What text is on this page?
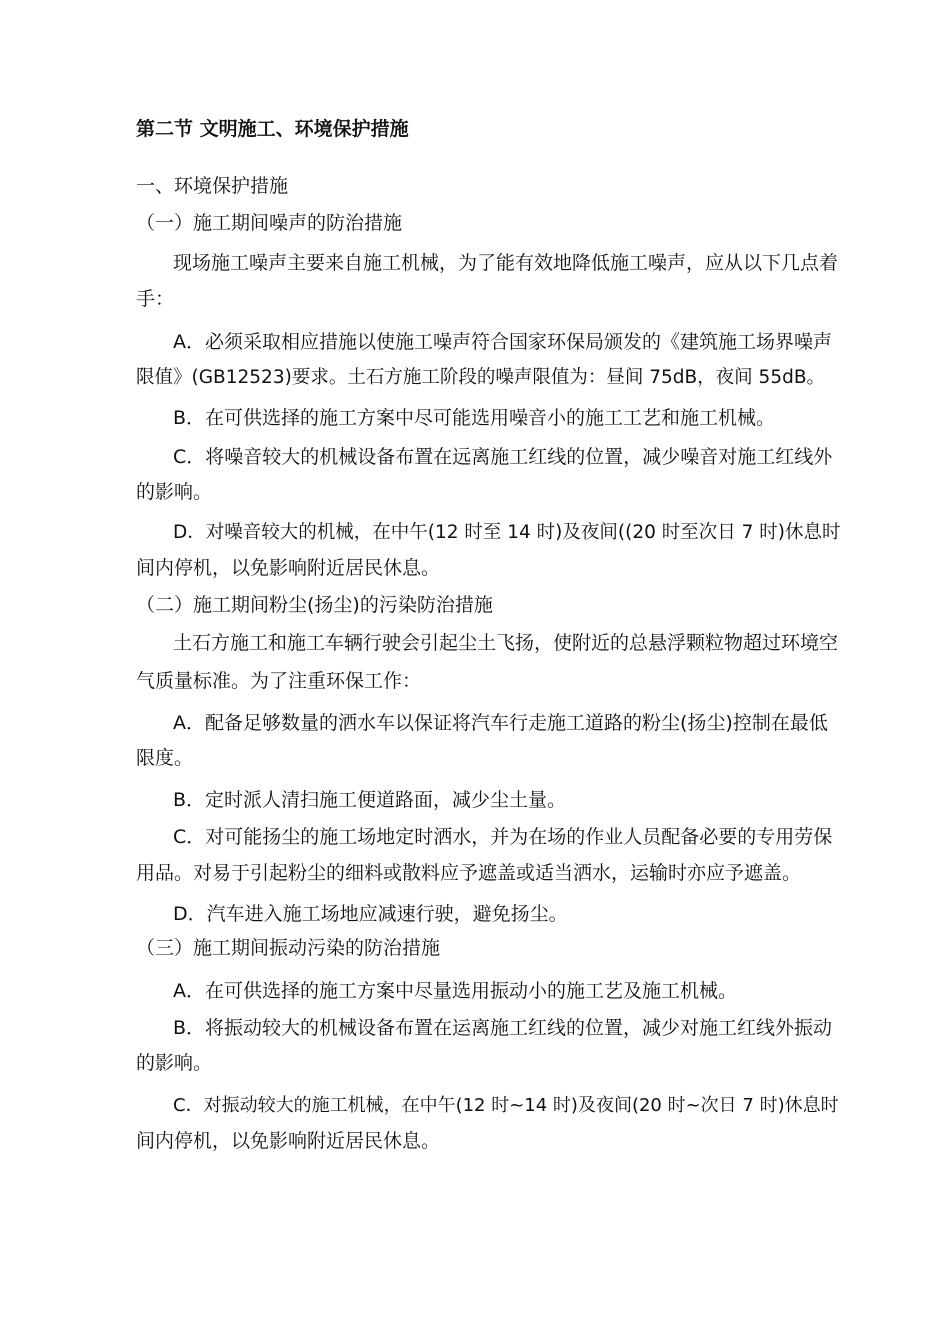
第二节 文明施工、环境保护措施
一、环境保护措施
（一）施工期间噪声的防治措施
现场施工噪声主要来自施工机械，为了能有效地降低施工噪声，应从以下几点着
手：
A．必须采取相应措施以使施工噪声符合国家环保局颁发的《建筑施工场界噪声
限值》(GB12523)要求。土石方施工阶段的噪声限值为：昼间 75dB，夜间 55dB。
B．在可供选择的施工方案中尽可能选用噪音小的施工工艺和施工机械。
C．将噪音较大的机械设备布置在远离施工红线的位置，减少噪音对施工红线外
的影响。
D．对噪音较大的机械，在中午(12 时至 14 时)及夜间((20 时至次日 7 时)休息时
间内停机，以免影响附近居民休息。
（二）施工期间粉尘(扬尘)的污染防治措施
土石方施工和施工车辆行驶会引起尘土飞扬，使附近的总悬浮颗粒物超过环境空
气质量标准。为了注重环保工作：
A．配备足够数量的洒水车以保证将汽车行走施工道路的粉尘(扬尘)控制在最低
限度。
B．定时派人清扫施工便道路面，减少尘土量。
C．对可能扬尘的施工场地定时洒水，并为在场的作业人员配备必要的专用劳保
用品。对易于引起粉尘的细料或散料应予遮盖或适当洒水，运输时亦应予遮盖。
D．汽车进入施工场地应减速行驶，避免扬尘。
（三）施工期间振动污染的防治措施
A．在可供选择的施工方案中尽量选用振动小的施工艺及施工机械。
B．将振动较大的机械设备布置在运离施工红线的位置，减少对施工红线外振动
的影响。
C．对振动较大的施工机械，在中午(12 时~14 时)及夜间(20 时~次日 7 时)休息时
间内停机，以免影响附近居民休息。
